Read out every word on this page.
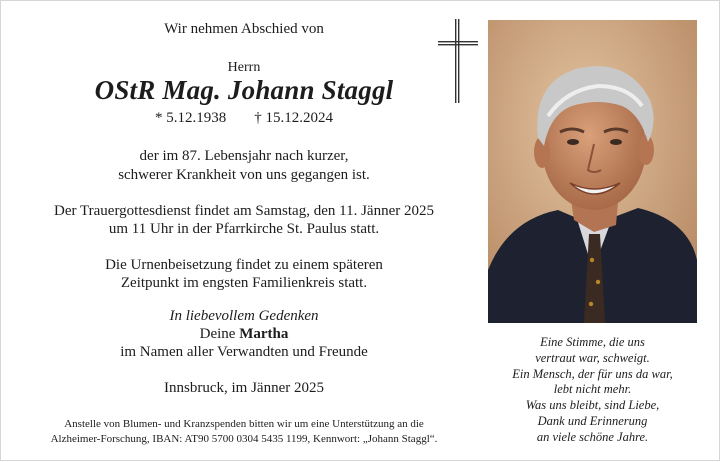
Wir nehmen Abschied von
Herrn
OStR Mag. Johann Staggl
* 5.12.1938 † 15.12.2024
der im 87. Lebensjahr nach kurzer,
schwerer Krankheit von uns gegangen ist.
Der Trauergottesdienst findet am Samstag, den 11. Jänner 2025
um 11 Uhr in der Pfarrkirche St. Paulus statt.
Die Urnenbeisetzung findet zu einem späteren
Zeitpunkt im engsten Familienkreis statt.
In liebevollem Gedenken
Deine Martha
im Namen aller Verwandten und Freunde
Innsbruck, im Jänner 2025
Anstelle von Blumen- und Kranzspenden bitten wir um eine Unterstützung an die
Alzheimer-Forschung, IBAN: AT90 5700 0304 5435 1199, Kennwort: „Johann Staggl“.
Eine Stimme, die uns
vertraut war, schweigt.
Ein Mensch, der für uns da war,
lebt nicht mehr.
Was uns bleibt, sind Liebe,
Dank und Erinnerung
an viele schöne Jahre.
